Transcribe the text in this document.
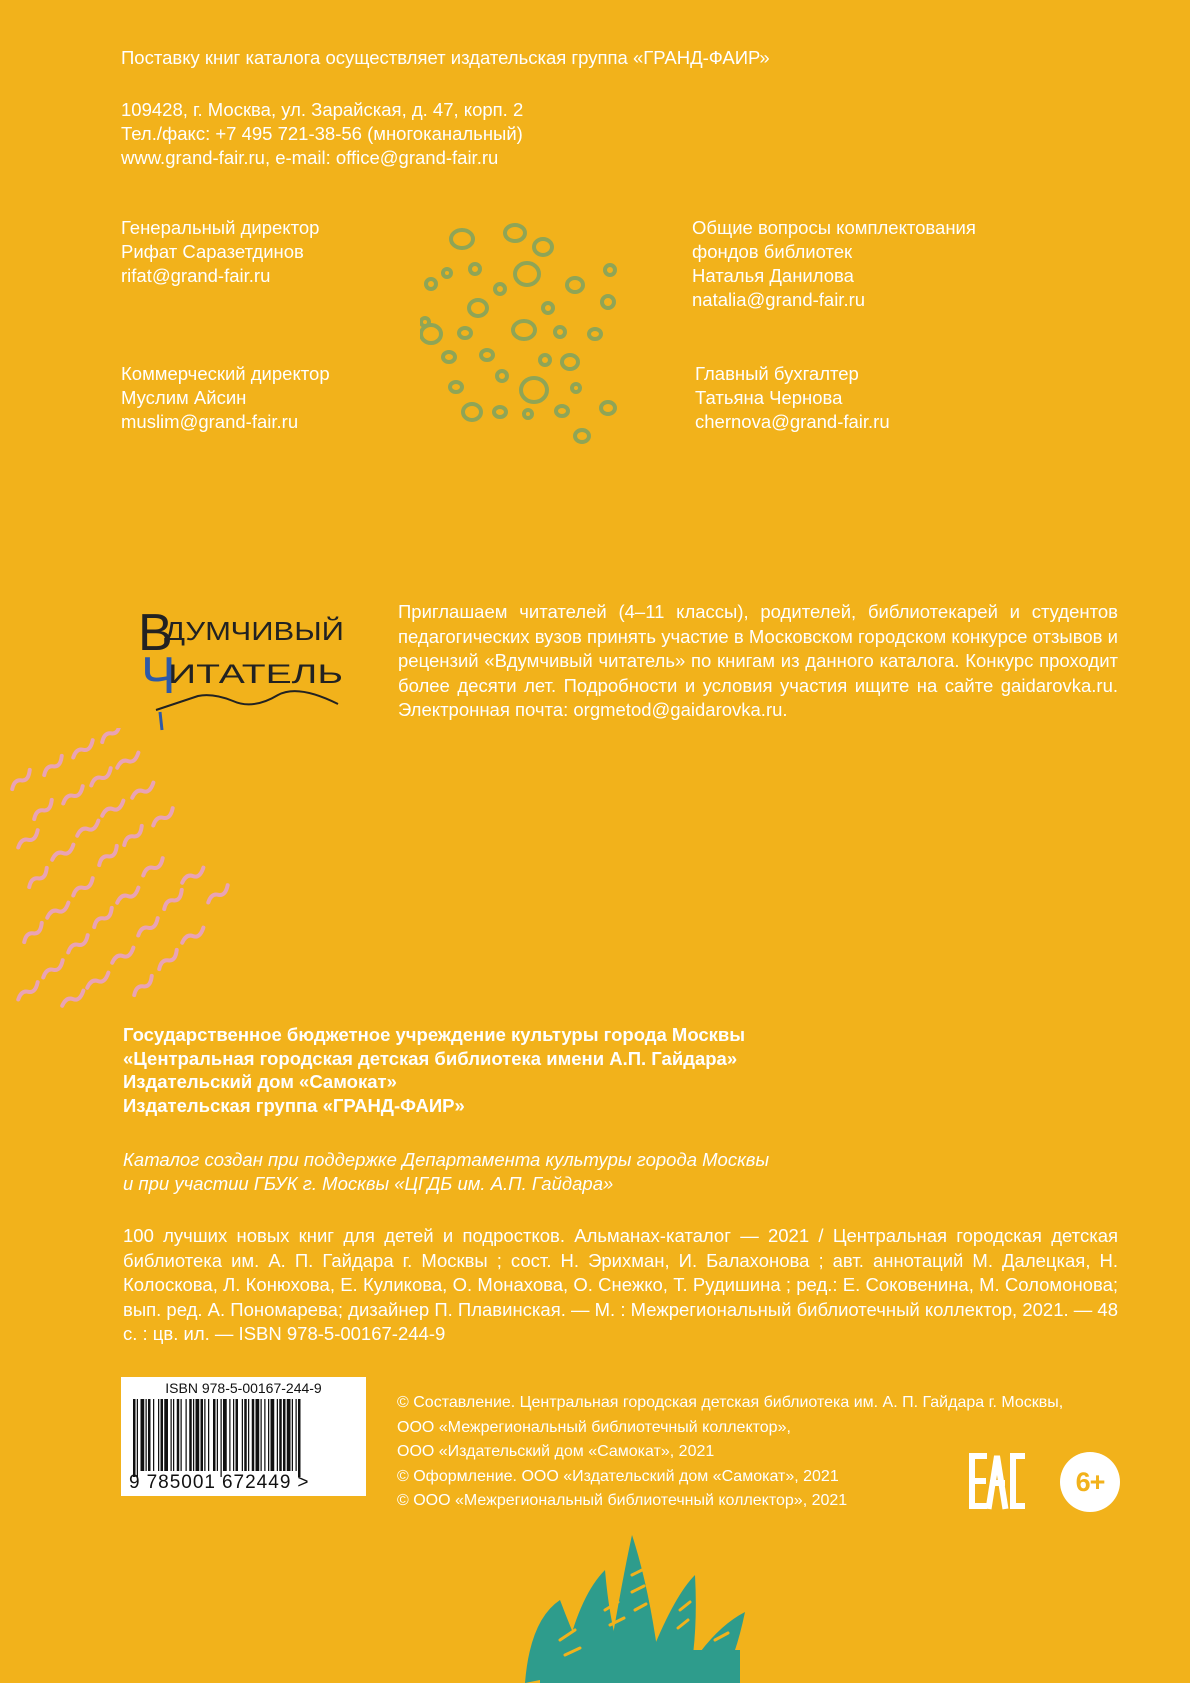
Поставку книг каталога осуществляет издательская группа «ГРАНД-ФАИР»
109428, г. Москва, ул. Зарайская, д. 47, корп. 2
Тел./факс: +7 495 721-38-56 (многоканальный)
www.grand-fair.ru, e-mail: office@grand-fair.ru
Генеральный директор
Рифат Саразетдинов
rifat@grand-fair.ru
Коммерческий директор
Муслим Айсин
muslim@grand-fair.ru
Общие вопросы комплектования
фондов библиотек
Наталья Данилова
natalia@grand-fair.ru
Главный бухгалтер
Татьяна Чернова
chernova@grand-fair.ru
В
ДУМЧИВЫЙ
Ч
ИТАТЕЛЬ
Приглашаем читателей (4–11 классы), родителей, библиотекарей и студентов педагогических вузов принять участие в Московском городском конкурсе отзывов и рецензий «Вдумчивый читатель» по книгам из данного каталога. Конкурс проходит более десяти лет. Подробности и условия участия ищите на сайте gaidarovka.ru. Электронная почта: orgmetod@gaidarovka.ru.
Государственное бюджетное учреждение культуры города Москвы
«Центральная городская детская библиотека имени А.П. Гайдара»
Издательский дом «Самокат»
Издательская группа «ГРАНД-ФАИР»
Каталог создан при поддержке Департамента культуры города Москвы
и при участии ГБУК г. Москвы «ЦГДБ им. А.П. Гайдара»
100 лучших новых книг для детей и подростков. Альманах-каталог — 2021 / Центральная городская детская библиотека им. А. П. Гайдара г. Москвы ; сост. Н. Эрихман, И. Балахонова ; авт. аннотаций М. Далецкая, Н. Колоскова, Л. Конюхова, Е. Куликова, О. Монахова, О. Снежко, Т. Рудишина ; ред.: Е. Соковенина, М. Соломонова; вып. ред. А. Пономарева; дизайнер П. Плавинская. — М. : Межрегиональный библиотечный коллектор, 2021. — 48 с. : цв. ил. — ISBN 978-5-00167-244-9
ISBN 978-5-00167-244-9
9 785001 672449 >
© Составление. Центральная городская детская библиотека им. А. П. Гайдара г. Москвы,
ООО «Межрегиональный библиотечный коллектор»,
ООО «Издательский дом «Самокат», 2021
© Оформление. ООО «Издательский дом «Самокат», 2021
© ООО «Межрегиональный библиотечный коллектор», 2021
6+
